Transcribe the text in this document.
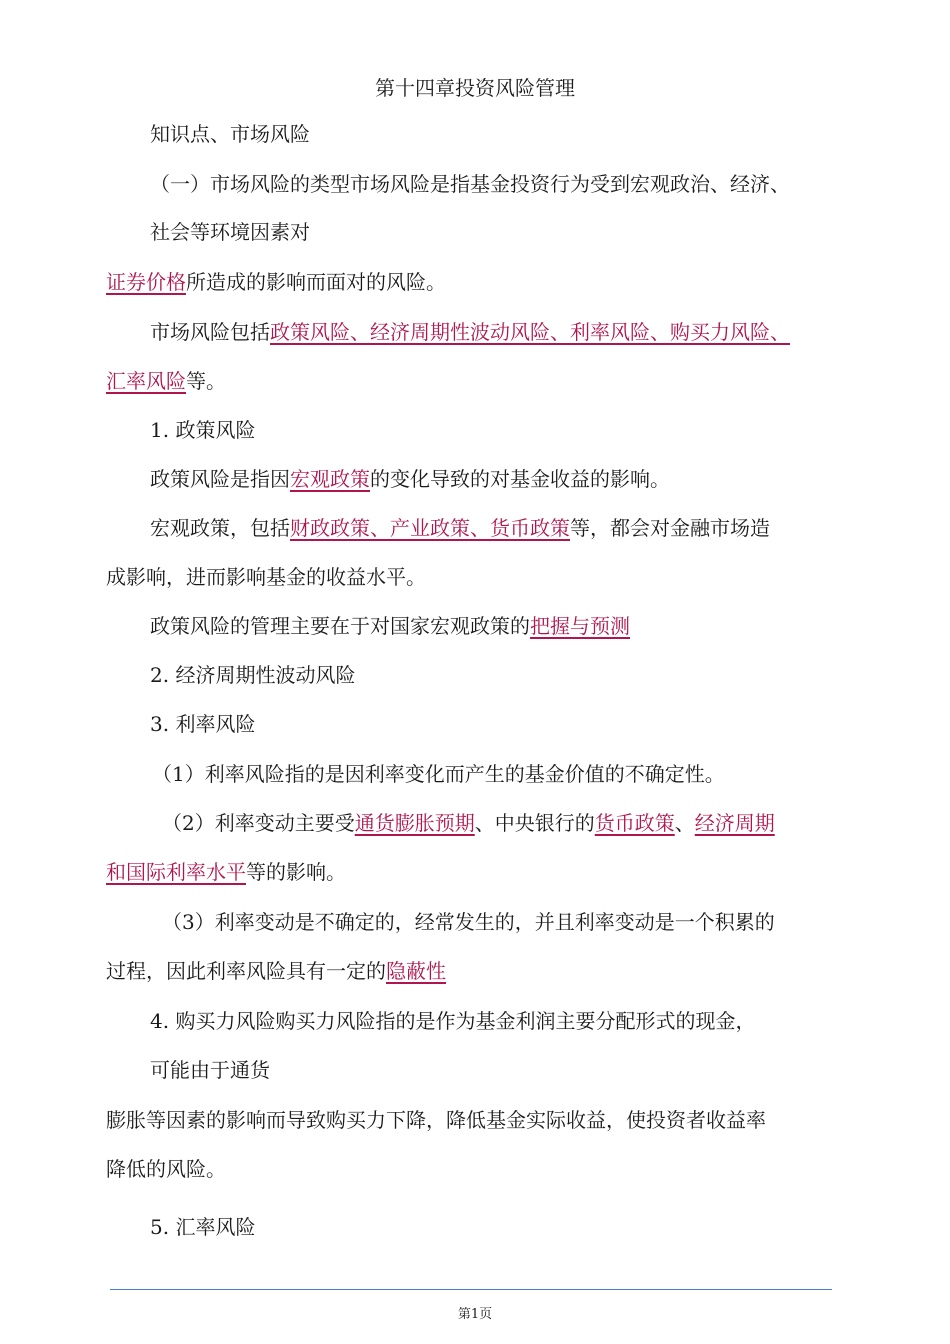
第十四章投资风险管理
知识点、市场风险
（一）市场风险的类型市场风险是指基金投资行为受到宏观政治、经济、
社会等环境因素对
证券价格所造成的影响而面对的风险。
市场风险包括政策风险、经济周期性波动风险、利率风险、购买力风险、
汇率风险等。
1. 政策风险
政策风险是指因宏观政策的变化导致的对基金收益的影响。
宏观政策，包括财政政策、产业政策、货币政策等，都会对金融市场造
成影响，进而影响基金的收益水平。
政策风险的管理主要在于对国家宏观政策的把握与预测
2. 经济周期性波动风险
3. 利率风险
（1）利率风险指的是因利率变化而产生的基金价值的不确定性。
（2）利率变动主要受通货膨胀预期、中央银行的货币政策、经济周期
和国际利率水平等的影响。
（3）利率变动是不确定的，经常发生的，并且利率变动是一个积累的
过程，因此利率风险具有一定的隐蔽性
4. 购买力风险购买力风险指的是作为基金利润主要分配形式的现金，
可能由于通货
膨胀等因素的影响而导致购买力下降，降低基金实际收益，使投资者收益率
降低的风险。
5. 汇率风险
第1页
